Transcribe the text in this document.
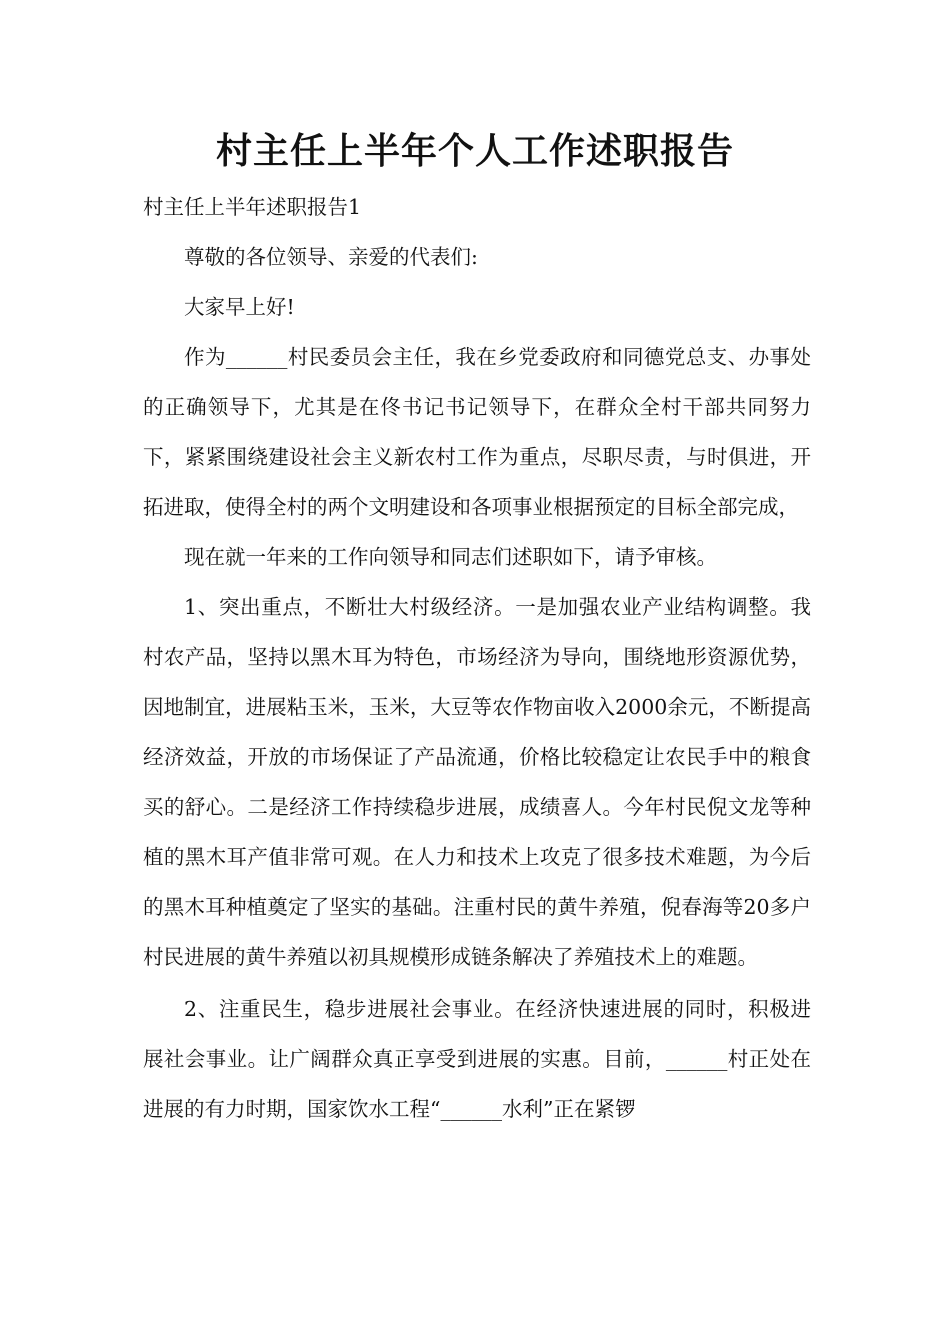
村主任上半年个人工作述职报告

村主任上半年述职报告1

尊敬的各位领导、亲爱的代表们:

大家早上好!

作为______村民委员会主任，我在乡党委政府和同德党总支、办事处的正确领导下，尤其是在佟书记书记领导下，在群众全村干部共同努力下，紧紧围绕建设社会主义新农村工作为重点，尽职尽责，与时俱进，开拓进取，使得全村的两个文明建设和各项事业根据预定的目标全部完成，

现在就一年来的工作向领导和同志们述职如下，请予审核。

1、突出重点，不断壮大村级经济。一是加强农业产业结构调整。我村农产品，坚持以黑木耳为特色，市场经济为导向，围绕地形资源优势，因地制宜，进展粘玉米，玉米，大豆等农作物亩收入2000余元，不断提高经济效益，开放的市场保证了产品流通，价格比较稳定让农民手中的粮食买的舒心。二是经济工作持续稳步进展，成绩喜人。今年村民倪文龙等种植的黑木耳产值非常可观。在人力和技术上攻克了很多技术难题，为今后的黑木耳种植奠定了坚实的基础。注重村民的黄牛养殖，倪春海等20多户村民进展的黄牛养殖以初具规模形成链条解决了养殖技术上的难题。

2、注重民生，稳步进展社会事业。在经济快速进展的同时，积极进展社会事业。让广阔群众真正享受到进展的实惠。目前，______村正处在进展的有力时期，国家饮水工程“______水利”正在紧锣
